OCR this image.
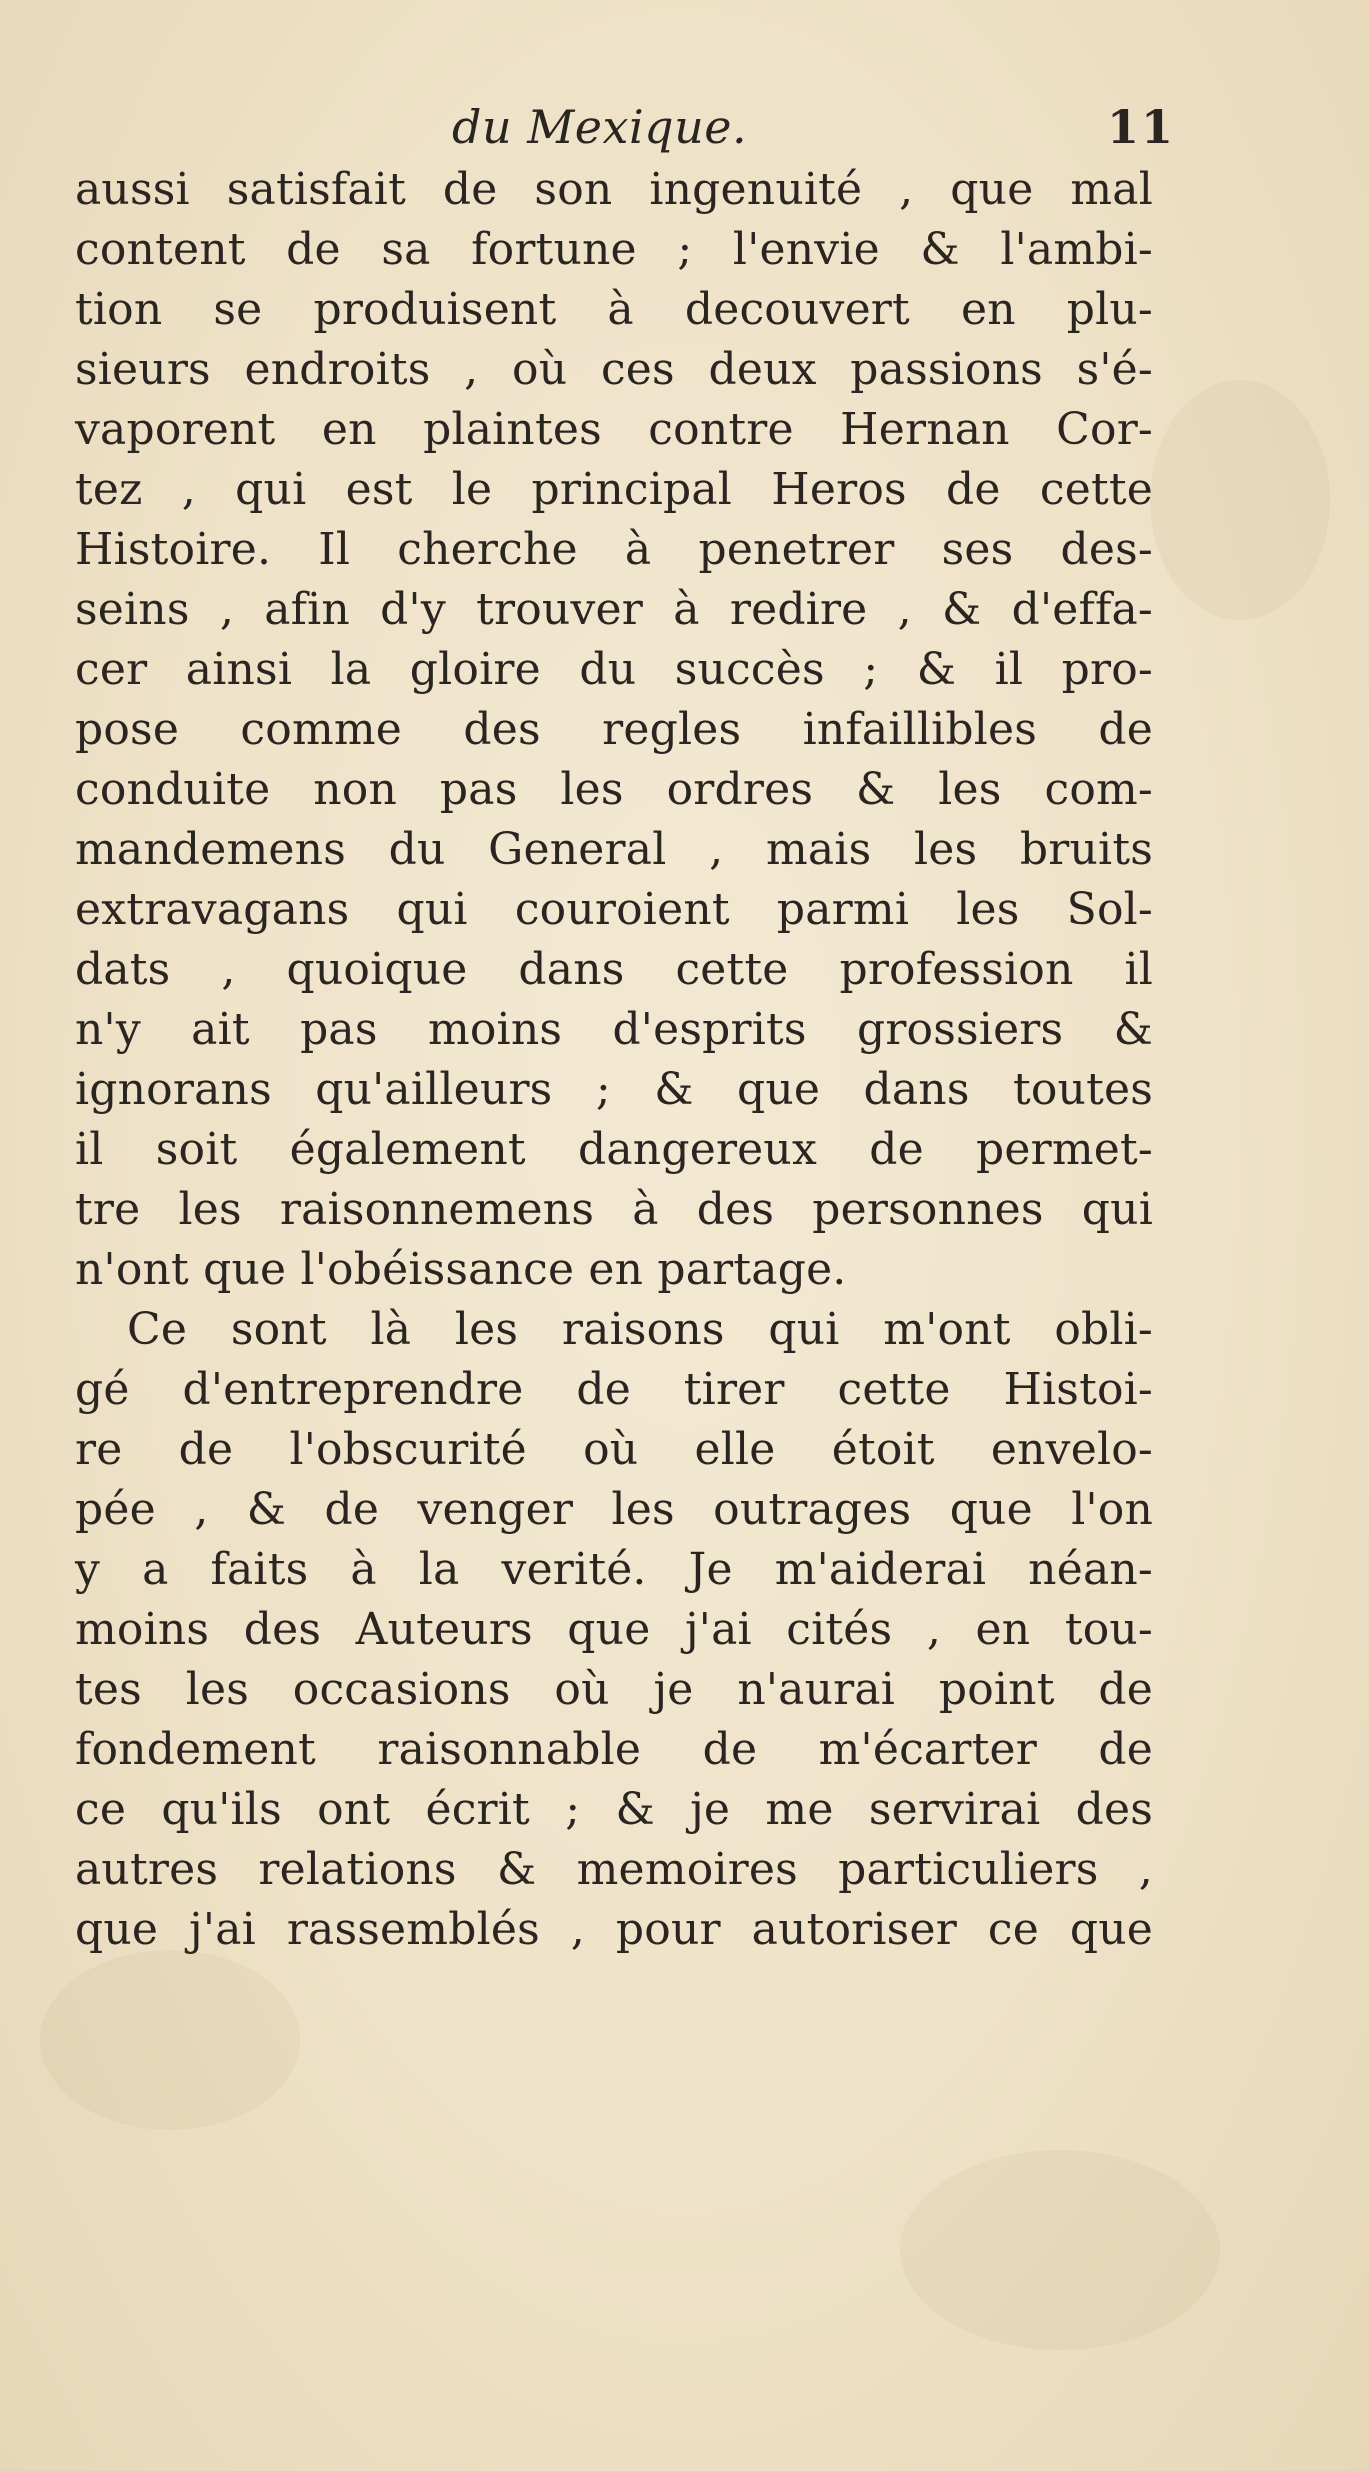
du Mexique.	11
aussi satisfait de son ingenuité , que mal
content de sa fortune ; l'envie & l'ambi-
tion se produisent à decouvert en plu-
sieurs endroits , où ces deux passions s'é-
vaporent en plaintes contre Hernan Cor-
tez , qui est le principal Heros de cette
Histoire. Il cherche à penetrer ses des-
seins , afin d'y trouver à redire , & d'effa-
cer ainsi la gloire du succès ; & il pro-
pose comme des regles infaillibles de
conduite non pas les ordres & les com-
mandemens du General , mais les bruits
extravagans qui couroient parmi les Sol-
dats , quoique dans cette profession il
n'y ait pas moins d'esprits grossiers &
ignorans qu'ailleurs ; & que dans toutes
il soit également dangereux de permet-
tre les raisonnemens à des personnes qui
n'ont que l'obéissance en partage.
Ce sont là les raisons qui m'ont obli-
gé d'entreprendre de tirer cette Histoi-
re de l'obscurité où elle étoit envelo-
pée , & de venger les outrages que l'on
y a faits à la verité. Je m'aiderai néan-
moins des Auteurs que j'ai cités , en tou-
tes les occasions où je n'aurai point de
fondement raisonnable de m'écarter de
ce qu'ils ont écrit ; & je me servirai des
autres relations & memoires particuliers ,
que j'ai rassemblés , pour autoriser ce que
